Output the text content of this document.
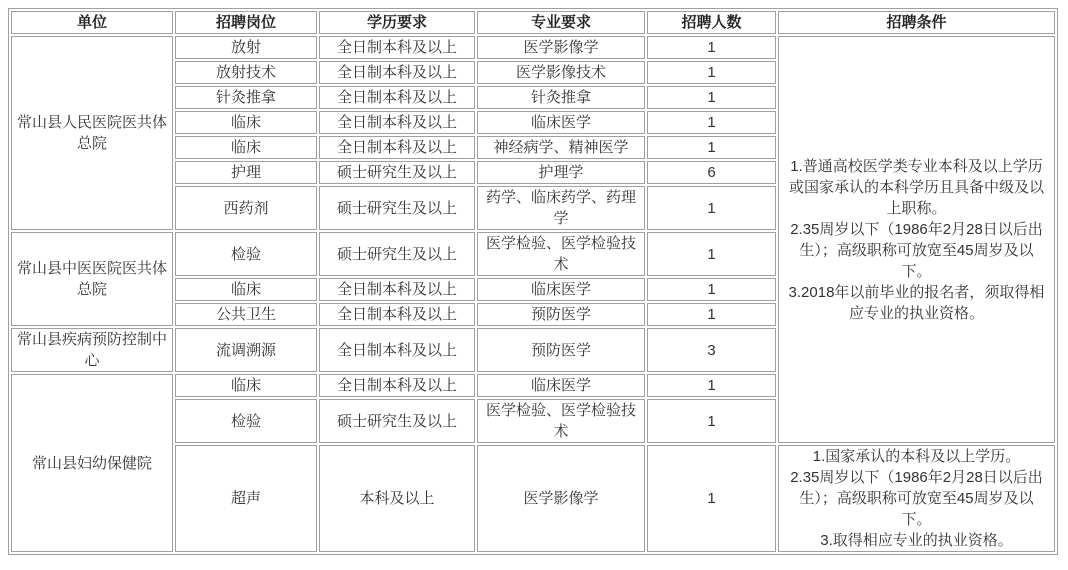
单位	招聘岗位	学历要求	专业要求	招聘人数	招聘条件
常山县人民医院医共体总院	放射	全日制本科及以上	医学影像学	1	1.普通高校医学类专业本科及以上学历或国家承认的本科学历且具备中级及以上职称。
2.35周岁以下（1986年2月28日以后出生）；高级职称可放宽至45周岁及以下。
3.2018年以前毕业的报名者，须取得相应专业的执业资格。

	放射技术	全日制本科及以上	医学影像技术	1	
	针灸推拿	全日制本科及以上	针灸推拿	1	
	临床	全日制本科及以上	临床医学	1	
	临床	全日制本科及以上	神经病学、精神医学	1	
	护理	硕士研究生及以上	护理学	6	
	西药剂	硕士研究生及以上	药学、临床药学、药理学	1	
常山县中医医院医共体总院	检验	硕士研究生及以上	医学检验、医学检验技术	1	
	临床	全日制本科及以上	临床医学	1	
	公共卫生	全日制本科及以上	预防医学	1	
常山县疾病预防控制中心	流调溯源	全日制本科及以上	预防医学	3	
常山县妇幼保健院	临床	全日制本科及以上	临床医学	1	
	检验	硕士研究生及以上	医学检验、医学检验技术	1	
	超声	本科及以上	医学影像学	1	1.国家承认的本科及以上学历。
2.35周岁以下（1986年2月28日以后出生）；高级职称可放宽至45周岁及以下。
3.取得相应专业的执业资格。
